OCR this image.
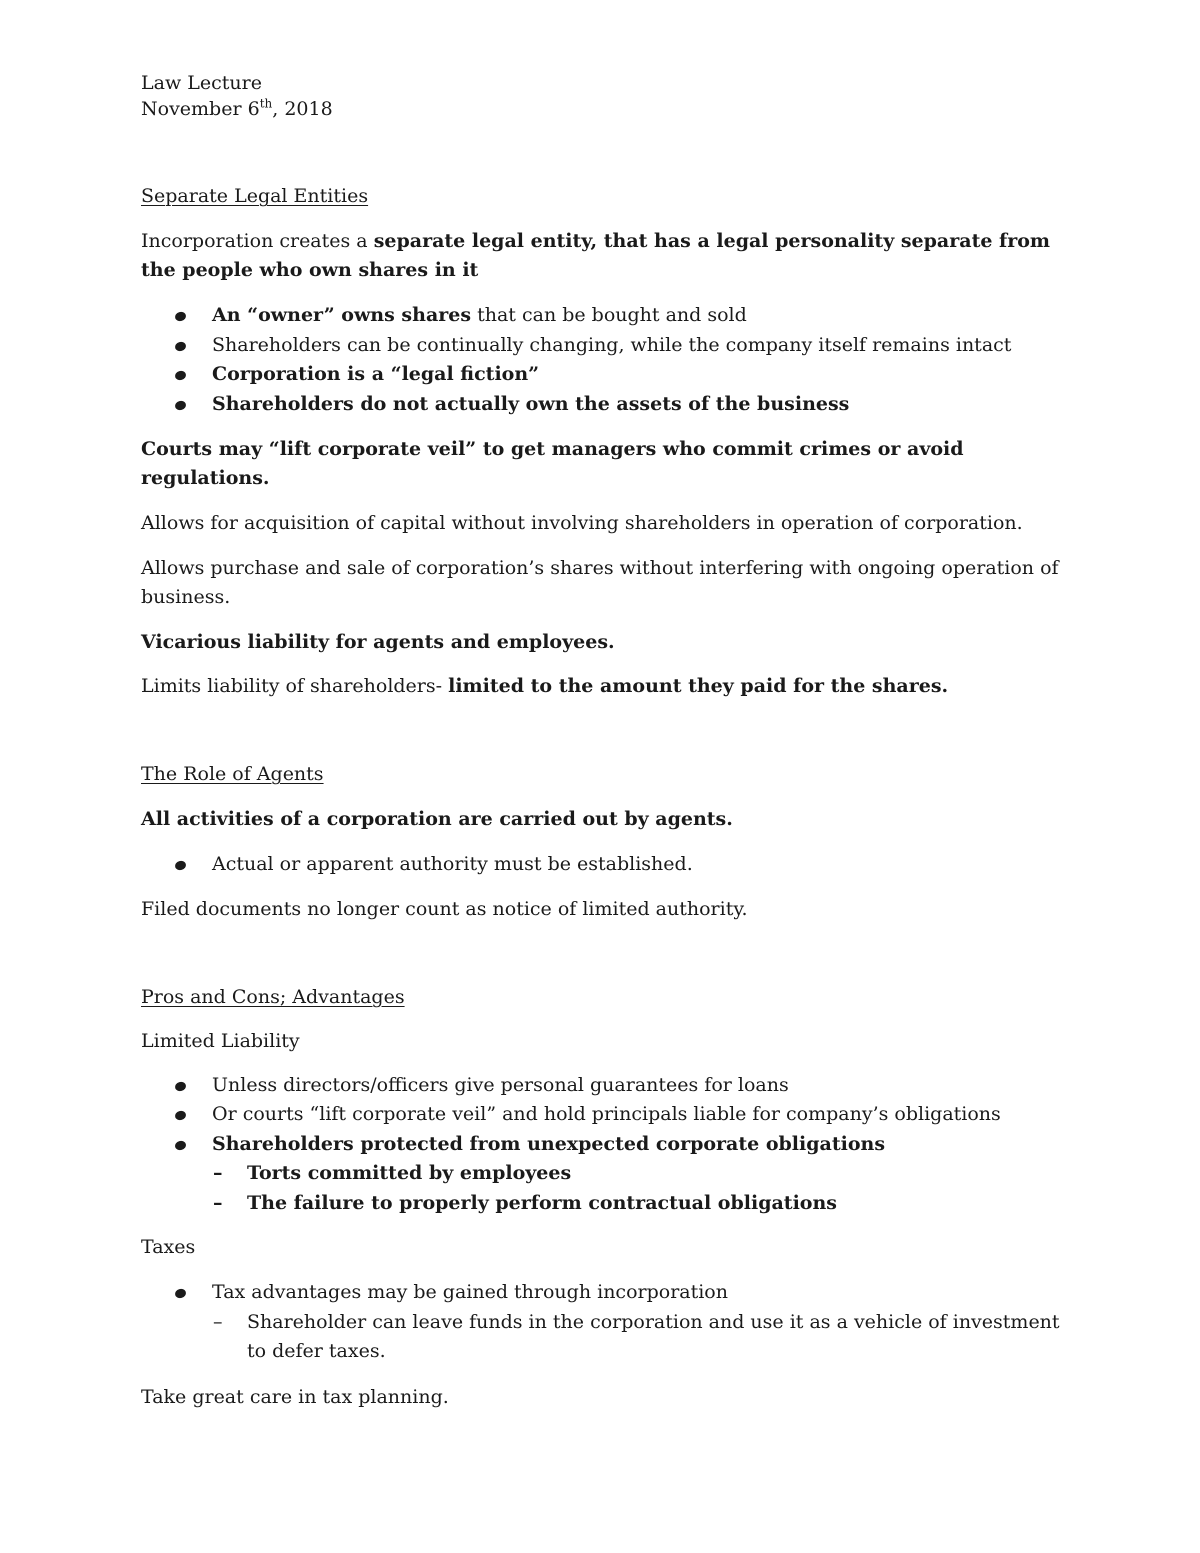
Law Lecture
November 6th, 2018
Separate Legal Entities

Incorporation creates a separate legal entity, that has a legal personality separate from the people who own shares in it

An “owner” owns shares that can be bought and sold
Shareholders can be continually changing, while the company itself remains intact
Corporation is a “legal fiction”
Shareholders do not actually own the assets of the business

Courts may “lift corporate veil” to get managers who commit crimes or avoid regulations.

Allows for acquisition of capital without involving shareholders in operation of corporation.

Allows purchase and sale of corporation’s shares without interfering with ongoing operation of business.

Vicarious liability for agents and employees.

Limits liability of shareholders- limited to the amount they paid for the shares.

The Role of Agents

All activities of a corporation are carried out by agents.

Actual or apparent authority must be established.

Filed documents no longer count as notice of limited authority.

Pros and Cons; Advantages

Limited Liability

Unless directors/officers give personal guarantees for loans
Or courts “lift corporate veil” and hold principals liable for company’s obligations
Shareholders protected from unexpected corporate obligations
– Torts committed by employees
– The failure to properly perform contractual obligations

Taxes

Tax advantages may be gained through incorporation
– Shareholder can leave funds in the corporation and use it as a vehicle of investment to defer taxes.

Take great care in tax planning.
